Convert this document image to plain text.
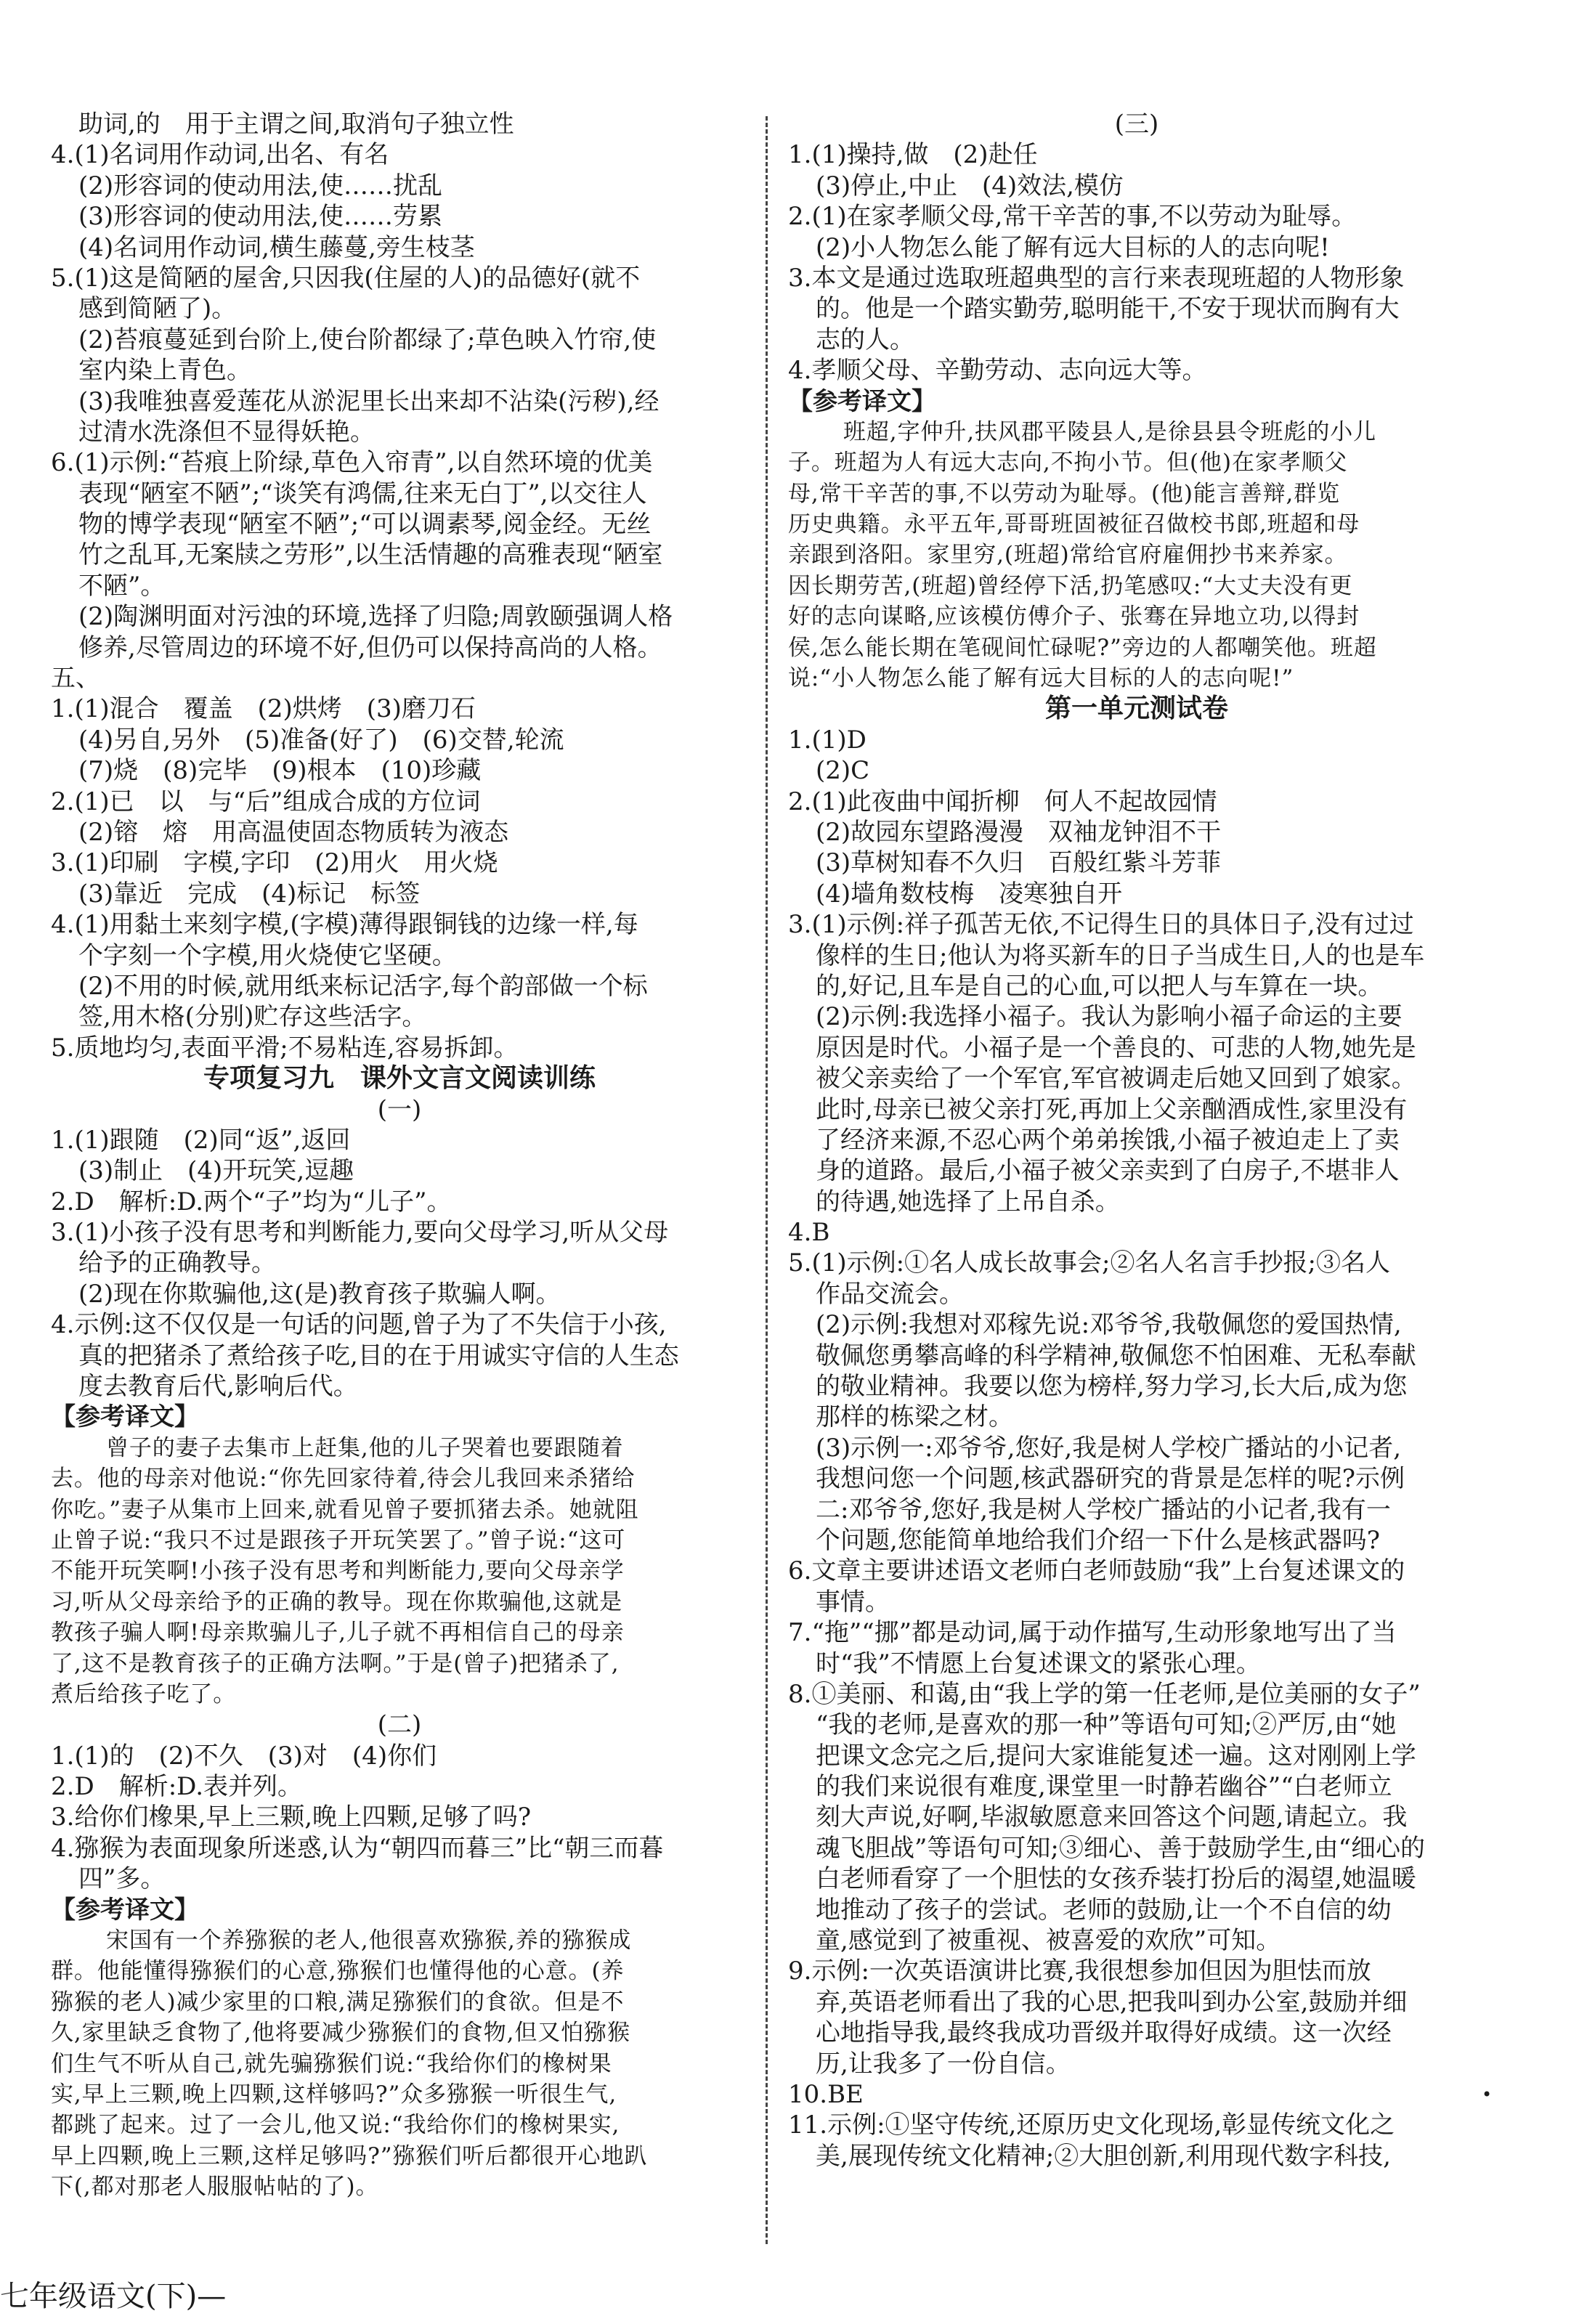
助词,的　用于主谓之间,取消句子独立性
4.(1)名词用作动词,出名、有名
(2)形容词的使动用法,使……扰乱
(3)形容词的使动用法,使……劳累
(4)名词用作动词,横生藤蔓,旁生枝茎
5.(1)这是简陋的屋舍,只因我(住屋的人)的品德好(就不
感到简陋了)。
(2)苔痕蔓延到台阶上,使台阶都绿了;草色映入竹帘,使
室内染上青色。
(3)我唯独喜爱莲花从淤泥里长出来却不沾染(污秽),经
过清水洗涤但不显得妖艳。
6.(1)示例:“苔痕上阶绿,草色入帘青”,以自然环境的优美
表现“陋室不陋”;“谈笑有鸿儒,往来无白丁”,以交往人
物的博学表现“陋室不陋”;“可以调素琴,阅金经。无丝
竹之乱耳,无案牍之劳形”,以生活情趣的高雅表现“陋室
不陋”。
(2)陶渊明面对污浊的环境,选择了归隐;周敦颐强调人格
修养,尽管周边的环境不好,但仍可以保持高尚的人格。
五、
1.(1)混合　覆盖　(2)烘烤　(3)磨刀石
(4)另自,另外　(5)准备(好了)　(6)交替,轮流
(7)烧　(8)完毕　(9)根本　(10)珍藏
2.(1)已　以　与“后”组成合成的方位词
(2)镕　熔　用高温使固态物质转为液态
3.(1)印刷　字模,字印　(2)用火　用火烧
(3)靠近　完成　(4)标记　标签
4.(1)用黏土来刻字模,(字模)薄得跟铜钱的边缘一样,每
个字刻一个字模,用火烧使它坚硬。
(2)不用的时候,就用纸来标记活字,每个韵部做一个标
签,用木格(分别)贮存这些活字。
5.质地均匀,表面平滑;不易粘连,容易拆卸。
专项复习九　课外文言文阅读训练
(一)
1.(1)跟随　(2)同“返”,返回
(3)制止　(4)开玩笑,逗趣
2.D　解析:D.两个“子”均为“儿子”。
3.(1)小孩子没有思考和判断能力,要向父母学习,听从父母
给予的正确教导。
(2)现在你欺骗他,这(是)教育孩子欺骗人啊。
4.示例:这不仅仅是一句话的问题,曾子为了不失信于小孩,
真的把猪杀了煮给孩子吃,目的在于用诚实守信的人生态
度去教育后代,影响后代。
【参考译文】
曾子的妻子去集市上赶集,他的儿子哭着也要跟随着
去。他的母亲对他说:“你先回家待着,待会儿我回来杀猪给
你吃。”妻子从集市上回来,就看见曾子要抓猪去杀。她就阻
止曾子说:“我只不过是跟孩子开玩笑罢了。”曾子说:“这可
不能开玩笑啊!小孩子没有思考和判断能力,要向父母亲学
习,听从父母亲给予的正确的教导。现在你欺骗他,这就是
教孩子骗人啊!母亲欺骗儿子,儿子就不再相信自己的母亲
了,这不是教育孩子的正确方法啊。”于是(曾子)把猪杀了,
煮后给孩子吃了。
(二)
1.(1)的　(2)不久　(3)对　(4)你们
2.D　解析:D.表并列。
3.给你们橡果,早上三颗,晚上四颗,足够了吗?
4.猕猴为表面现象所迷惑,认为“朝四而暮三”比“朝三而暮
四”多。
【参考译文】
宋国有一个养猕猴的老人,他很喜欢猕猴,养的猕猴成
群。他能懂得猕猴们的心意,猕猴们也懂得他的心意。(养
猕猴的老人)减少家里的口粮,满足猕猴们的食欲。但是不
久,家里缺乏食物了,他将要减少猕猴们的食物,但又怕猕猴
们生气不听从自己,就先骗猕猴们说:“我给你们的橡树果
实,早上三颗,晚上四颗,这样够吗?”众多猕猴一听很生气,
都跳了起来。过了一会儿,他又说:“我给你们的橡树果实,
早上四颗,晚上三颗,这样足够吗?”猕猴们听后都很开心地趴
下(,都对那老人服服帖帖的了)。
(三)
1.(1)操持,做　(2)赴任
(3)停止,中止　(4)效法,模仿
2.(1)在家孝顺父母,常干辛苦的事,不以劳动为耻辱。
(2)小人物怎么能了解有远大目标的人的志向呢!
3.本文是通过选取班超典型的言行来表现班超的人物形象
的。他是一个踏实勤劳,聪明能干,不安于现状而胸有大
志的人。
4.孝顺父母、辛勤劳动、志向远大等。
【参考译文】
班超,字仲升,扶风郡平陵县人,是徐县县令班彪的小儿
子。班超为人有远大志向,不拘小节。但(他)在家孝顺父
母,常干辛苦的事,不以劳动为耻辱。(他)能言善辩,群览
历史典籍。永平五年,哥哥班固被征召做校书郎,班超和母
亲跟到洛阳。家里穷,(班超)常给官府雇佣抄书来养家。
因长期劳苦,(班超)曾经停下活,扔笔感叹:“大丈夫没有更
好的志向谋略,应该模仿傅介子、张骞在异地立功,以得封
侯,怎么能长期在笔砚间忙碌呢?”旁边的人都嘲笑他。班超
说:“小人物怎么能了解有远大目标的人的志向呢!”
第一单元测试卷
1.(1)D
(2)C
2.(1)此夜曲中闻折柳　何人不起故园情
(2)故园东望路漫漫　双袖龙钟泪不干
(3)草树知春不久归　百般红紫斗芳菲
(4)墙角数枝梅　凌寒独自开
3.(1)示例:祥子孤苦无依,不记得生日的具体日子,没有过过
像样的生日;他认为将买新车的日子当成生日,人的也是车
的,好记,且车是自己的心血,可以把人与车算在一块。
(2)示例:我选择小福子。我认为影响小福子命运的主要
原因是时代。小福子是一个善良的、可悲的人物,她先是
被父亲卖给了一个军官,军官被调走后她又回到了娘家。
此时,母亲已被父亲打死,再加上父亲酗酒成性,家里没有
了经济来源,不忍心两个弟弟挨饿,小福子被迫走上了卖
身的道路。最后,小福子被父亲卖到了白房子,不堪非人
的待遇,她选择了上吊自杀。
4.B
5.(1)示例:①名人成长故事会;②名人名言手抄报;③名人
作品交流会。
(2)示例:我想对邓稼先说:邓爷爷,我敬佩您的爱国热情,
敬佩您勇攀高峰的科学精神,敬佩您不怕困难、无私奉献
的敬业精神。我要以您为榜样,努力学习,长大后,成为您
那样的栋梁之材。
(3)示例一:邓爷爷,您好,我是树人学校广播站的小记者,
我想问您一个问题,核武器研究的背景是怎样的呢?示例
二:邓爷爷,您好,我是树人学校广播站的小记者,我有一
个问题,您能简单地给我们介绍一下什么是核武器吗?
6.文章主要讲述语文老师白老师鼓励“我”上台复述课文的
事情。
7.“拖”“挪”都是动词,属于动作描写,生动形象地写出了当
时“我”不情愿上台复述课文的紧张心理。
8.①美丽、和蔼,由“我上学的第一任老师,是位美丽的女子”
“我的老师,是喜欢的那一种”等语句可知;②严厉,由“她
把课文念完之后,提问大家谁能复述一遍。这对刚刚上学
的我们来说很有难度,课堂里一时静若幽谷”“白老师立
刻大声说,好啊,毕淑敏愿意来回答这个问题,请起立。我
魂飞胆战”等语句可知;③细心、善于鼓励学生,由“细心的
白老师看穿了一个胆怯的女孩乔装打扮后的渴望,她温暖
地推动了孩子的尝试。老师的鼓励,让一个不自信的幼
童,感觉到了被重视、被喜爱的欢欣”可知。
9.示例:一次英语演讲比赛,我很想参加但因为胆怯而放
弃,英语老师看出了我的心思,把我叫到办公室,鼓励并细
心地指导我,最终我成功晋级并取得好成绩。这一次经
历,让我多了一份自信。
10.BE
11.示例:①坚守传统,还原历史文化现场,彰显传统文化之
美,展现传统文化精神;②大胆创新,利用现代数字科技,
七年级语文(下)—
•
